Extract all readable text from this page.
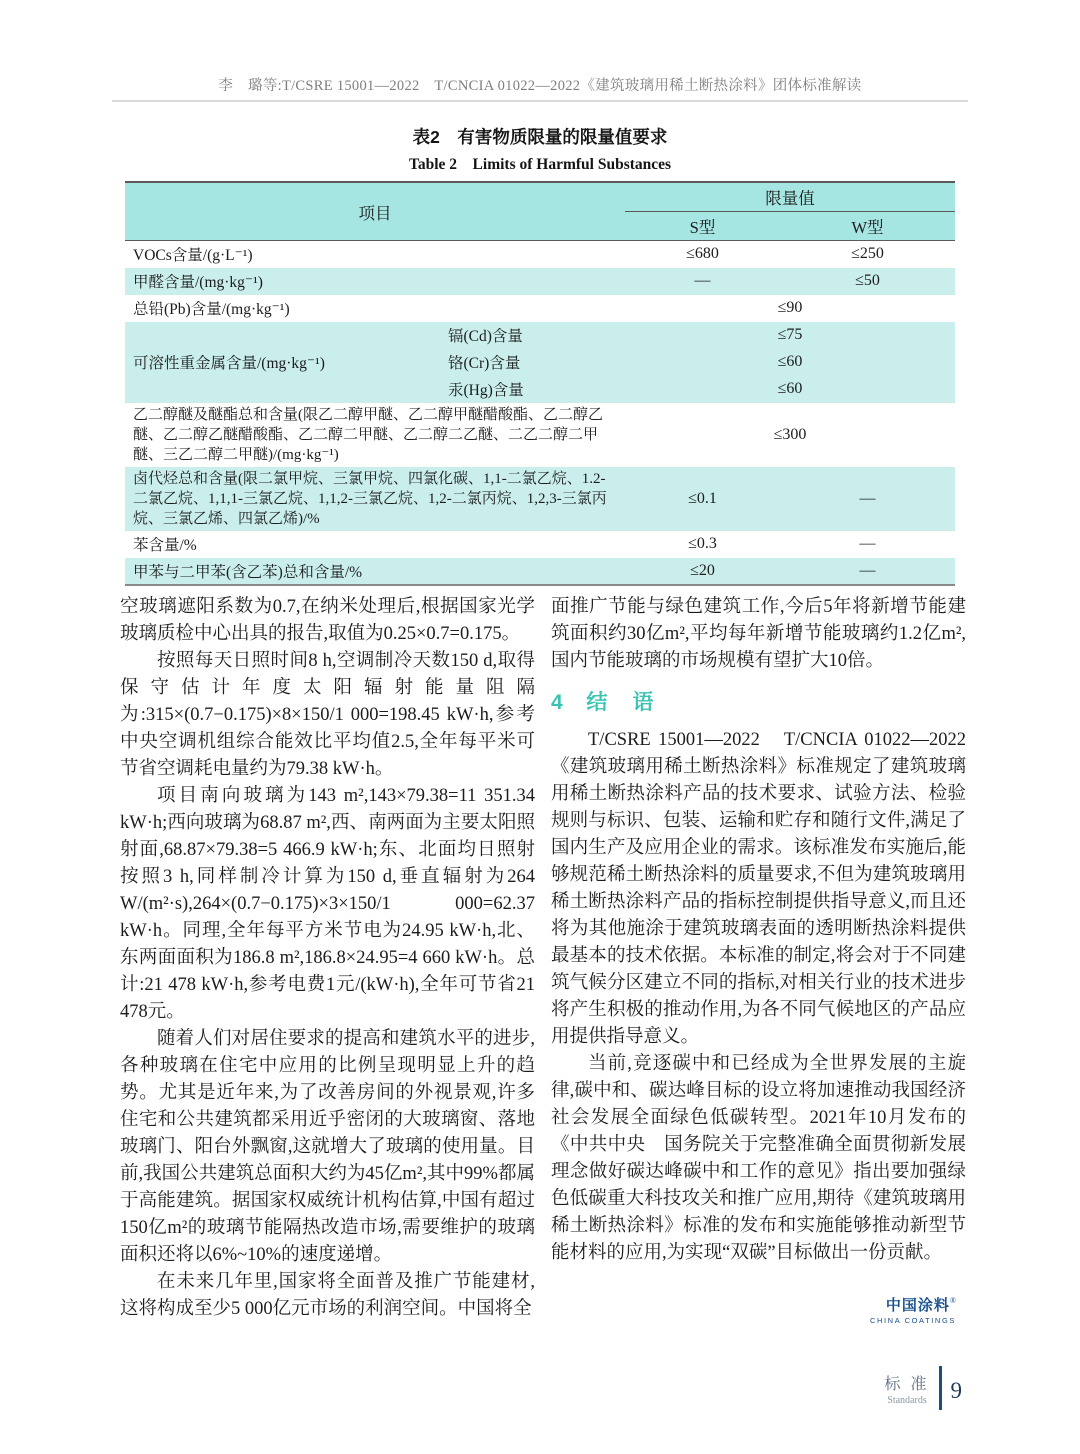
李　璐等:T/CSRE 15001—2022　T/CNCIA 01022—2022《建筑玻璃用稀土断热涂料》团体标准解读
表2　有害物质限量的限量值要求
Table 2　Limits of Harmful Substances
项目		限量值	
		S型	W型
VOCs含量/(g·L⁻¹)		≤680	≤250
甲醛含量/(mg·kg⁻¹)		—	≤50
总铅(Pb)含量/(mg·kg⁻¹)		≤90	
可溶性重金属含量/(mg·kg⁻¹)	镉(Cd)含量	≤75	
	铬(Cr)含量	≤60	
	汞(Hg)含量	≤60	
乙二醇醚及醚酯总和含量(限乙二醇甲醚、乙二醇甲醚醋酸酯、乙二醇乙醚、乙二醇乙醚醋酸酯、乙二醇二甲醚、乙二醇二乙醚、二乙二醇二甲醚、三乙二醇二甲醚)/(mg·kg⁻¹)		≤300	
卤代烃总和含量(限二氯甲烷、三氯甲烷、四氯化碳、1,1-二氯乙烷、1.2-二氯乙烷、1,1,1-三氯乙烷、1,1,2-三氯乙烷、1,2-二氯丙烷、1,2,3-三氯丙烷、三氯乙烯、四氯乙烯)/%		≤0.1	—
苯含量/%		≤0.3	—
甲苯与二甲苯(含乙苯)总和含量/%		≤20	—

空玻璃遮阳系数为0.7,在纳米处理后,根据国家光学玻璃质检中心出具的报告,取值为0.25×0.7=0.175。

按照每天日照时间8 h,空调制冷天数150 d,取得保守估计年度太阳辐射能量阻隔为:315×(0.7−0.175)×8×150/1 000=198.45 kW·h,参考中央空调机组综合能效比平均值2.5,全年每平米可节省空调耗电量约为79.38 kW·h。

项目南向玻璃为143 m²,143×79.38=11 351.34 kW·h;西向玻璃为68.87 m²,西、南两面为主要太阳照射面,68.87×79.38=5 466.9 kW·h;东、北面均日照射按照3 h,同样制冷计算为150 d,垂直辐射为264 W/(m²·s),264×(0.7−0.175)×3×150/1 000=62.37 kW·h。同理,全年每平方米节电为24.95 kW·h,北、东两面面积为186.8 m²,186.8×24.95=4 660 kW·h。总计:21 478 kW·h,参考电费1元/(kW·h),全年可节省21 478元。

随着人们对居住要求的提高和建筑水平的进步,各种玻璃在住宅中应用的比例呈现明显上升的趋势。尤其是近年来,为了改善房间的外视景观,许多住宅和公共建筑都采用近乎密闭的大玻璃窗、落地玻璃门、阳台外飘窗,这就增大了玻璃的使用量。目前,我国公共建筑总面积大约为45亿m²,其中99%都属于高能建筑。据国家权威统计机构估算,中国有超过150亿m²的玻璃节能隔热改造市场,需要维护的玻璃面积还将以6%~10%的速度递增。

在未来几年里,国家将全面普及推广节能建材,这将构成至少5 000亿元市场的利润空间。中国将全

面推广节能与绿色建筑工作,今后5年将新增节能建筑面积约30亿m²,平均每年新增节能玻璃约1.2亿m²,国内节能玻璃的市场规模有望扩大10倍。

4 结　语

T/CSRE 15001—2022　T/CNCIA 01022—2022《建筑玻璃用稀土断热涂料》标准规定了建筑玻璃用稀土断热涂料产品的技术要求、试验方法、检验规则与标识、包装、运输和贮存和随行文件,满足了国内生产及应用企业的需求。该标准发布实施后,能够规范稀土断热涂料的质量要求,不但为建筑玻璃用稀土断热涂料产品的指标控制提供指导意义,而且还将为其他施涂于建筑玻璃表面的透明断热涂料提供最基本的技术依据。本标准的制定,将会对于不同建筑气候分区建立不同的指标,对相关行业的技术进步将产生积极的推动作用,为各不同气候地区的产品应用提供指导意义。

当前,竞逐碳中和已经成为全世界发展的主旋律,碳中和、碳达峰目标的设立将加速推动我国经济社会发展全面绿色低碳转型。2021年10月发布的《中共中央　国务院关于完整准确全面贯彻新发展理念做好碳达峰碳中和工作的意见》指出要加强绿色低碳重大科技攻关和推广应用,期待《建筑玻璃用稀土断热涂料》标准的发布和实施能够推动新型节能材料的应用,为实现“双碳”目标做出一份贡献。

中国涂料®
CHINA COATINGS
标 准
Standards 9
